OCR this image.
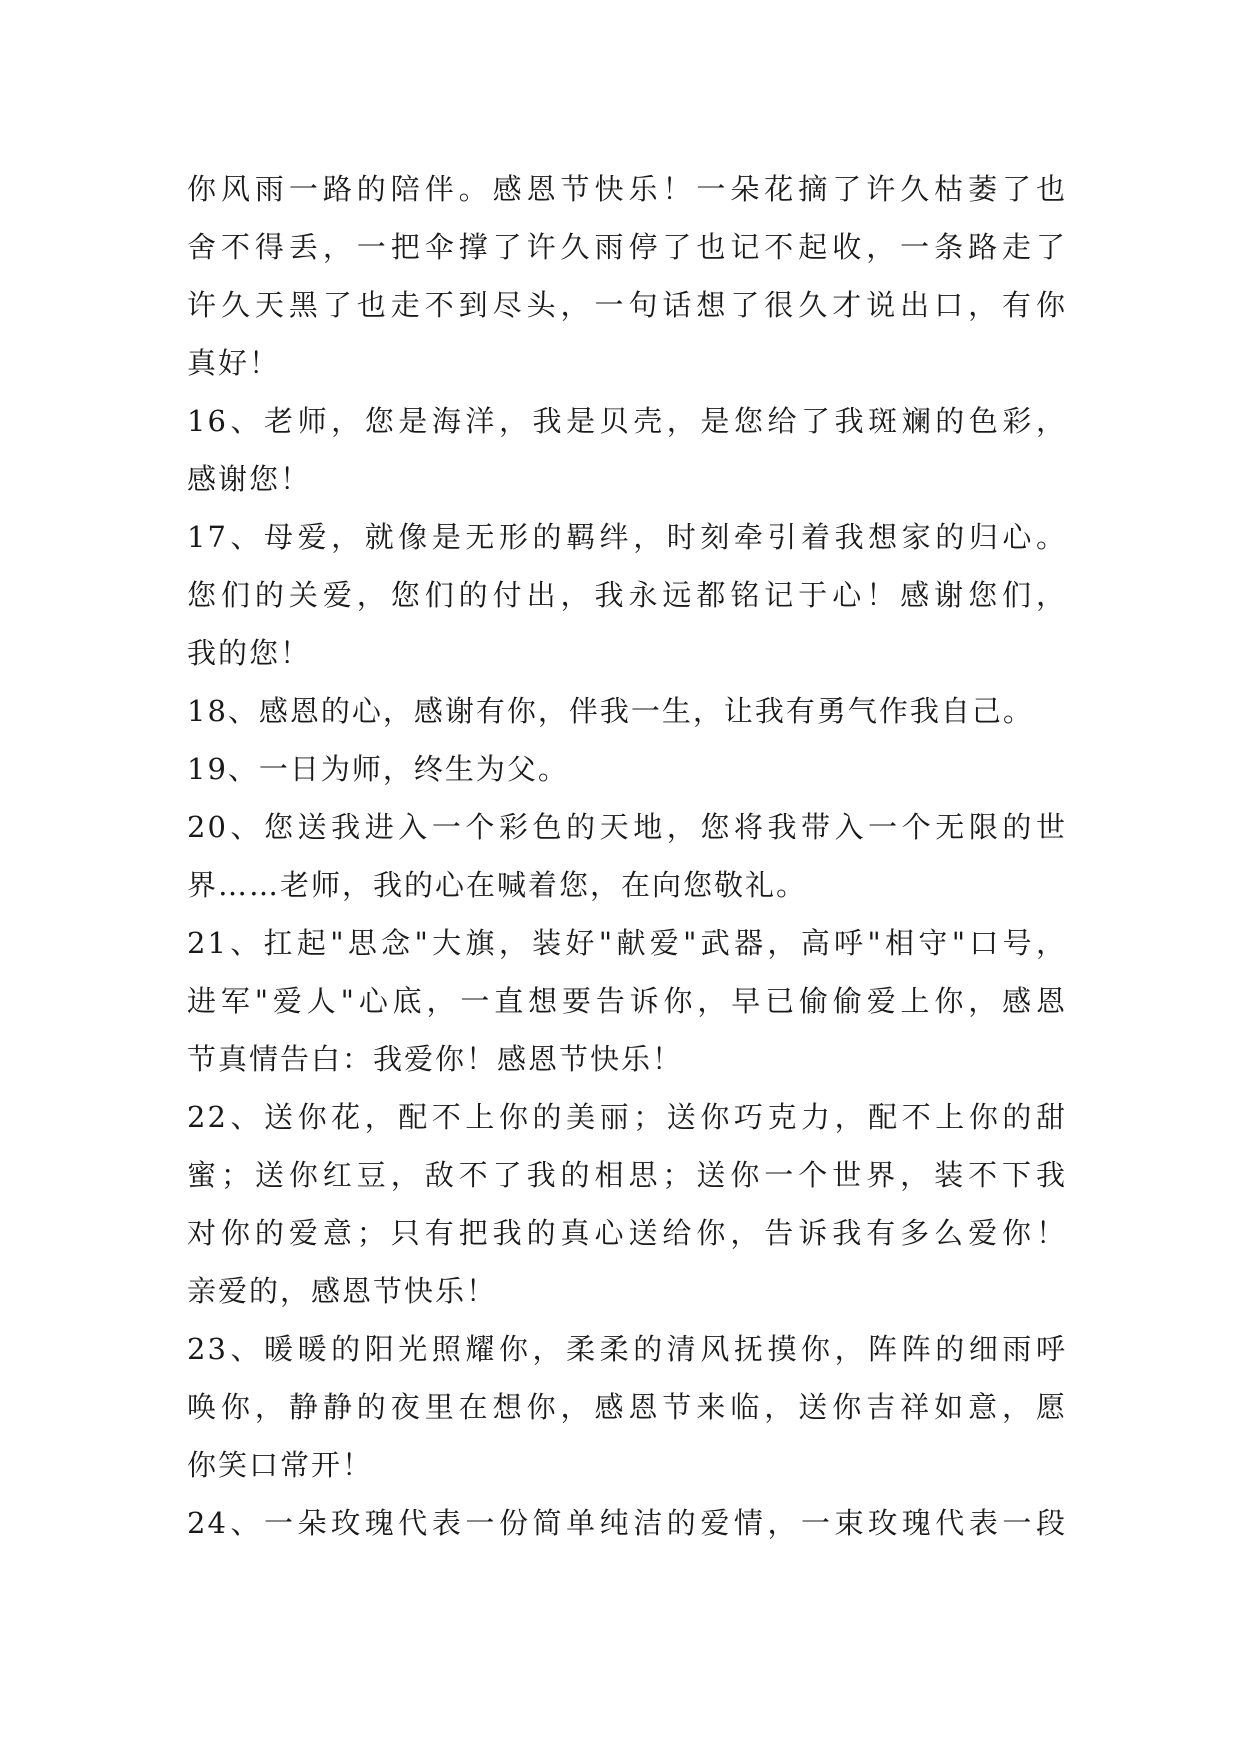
你风雨一路的陪伴。感恩节快乐！一朵花摘了许久枯萎了也
舍不得丢，一把伞撑了许久雨停了也记不起收，一条路走了
许久天黑了也走不到尽头，一句话想了很久才说出口，有你
真好！
16、老师，您是海洋，我是贝壳，是您给了我斑斓的色彩，
感谢您！
17、母爱，就像是无形的羁绊，时刻牵引着我想家的归心。
您们的关爱，您们的付出，我永远都铭记于心！感谢您们，
我的您！
18、感恩的心，感谢有你，伴我一生，让我有勇气作我自己。
19、一日为师，终生为父。
20、您送我进入一个彩色的天地，您将我带入一个无限的世
界……老师，我的心在喊着您，在向您敬礼。
21、扛起"思念"大旗，装好"献爱"武器，高呼"相守"口号，
进军"爱人"心底，一直想要告诉你，早已偷偷爱上你，感恩
节真情告白：我爱你！感恩节快乐！
22、送你花，配不上你的美丽；送你巧克力，配不上你的甜
蜜；送你红豆，敌不了我的相思；送你一个世界，装不下我
对你的爱意；只有把我的真心送给你，告诉我有多么爱你！
亲爱的，感恩节快乐！
23、暖暖的阳光照耀你，柔柔的清风抚摸你，阵阵的细雨呼
唤你，静静的夜里在想你，感恩节来临，送你吉祥如意，愿
你笑口常开！
24、一朵玫瑰代表一份简单纯洁的爱情，一束玫瑰代表一段
